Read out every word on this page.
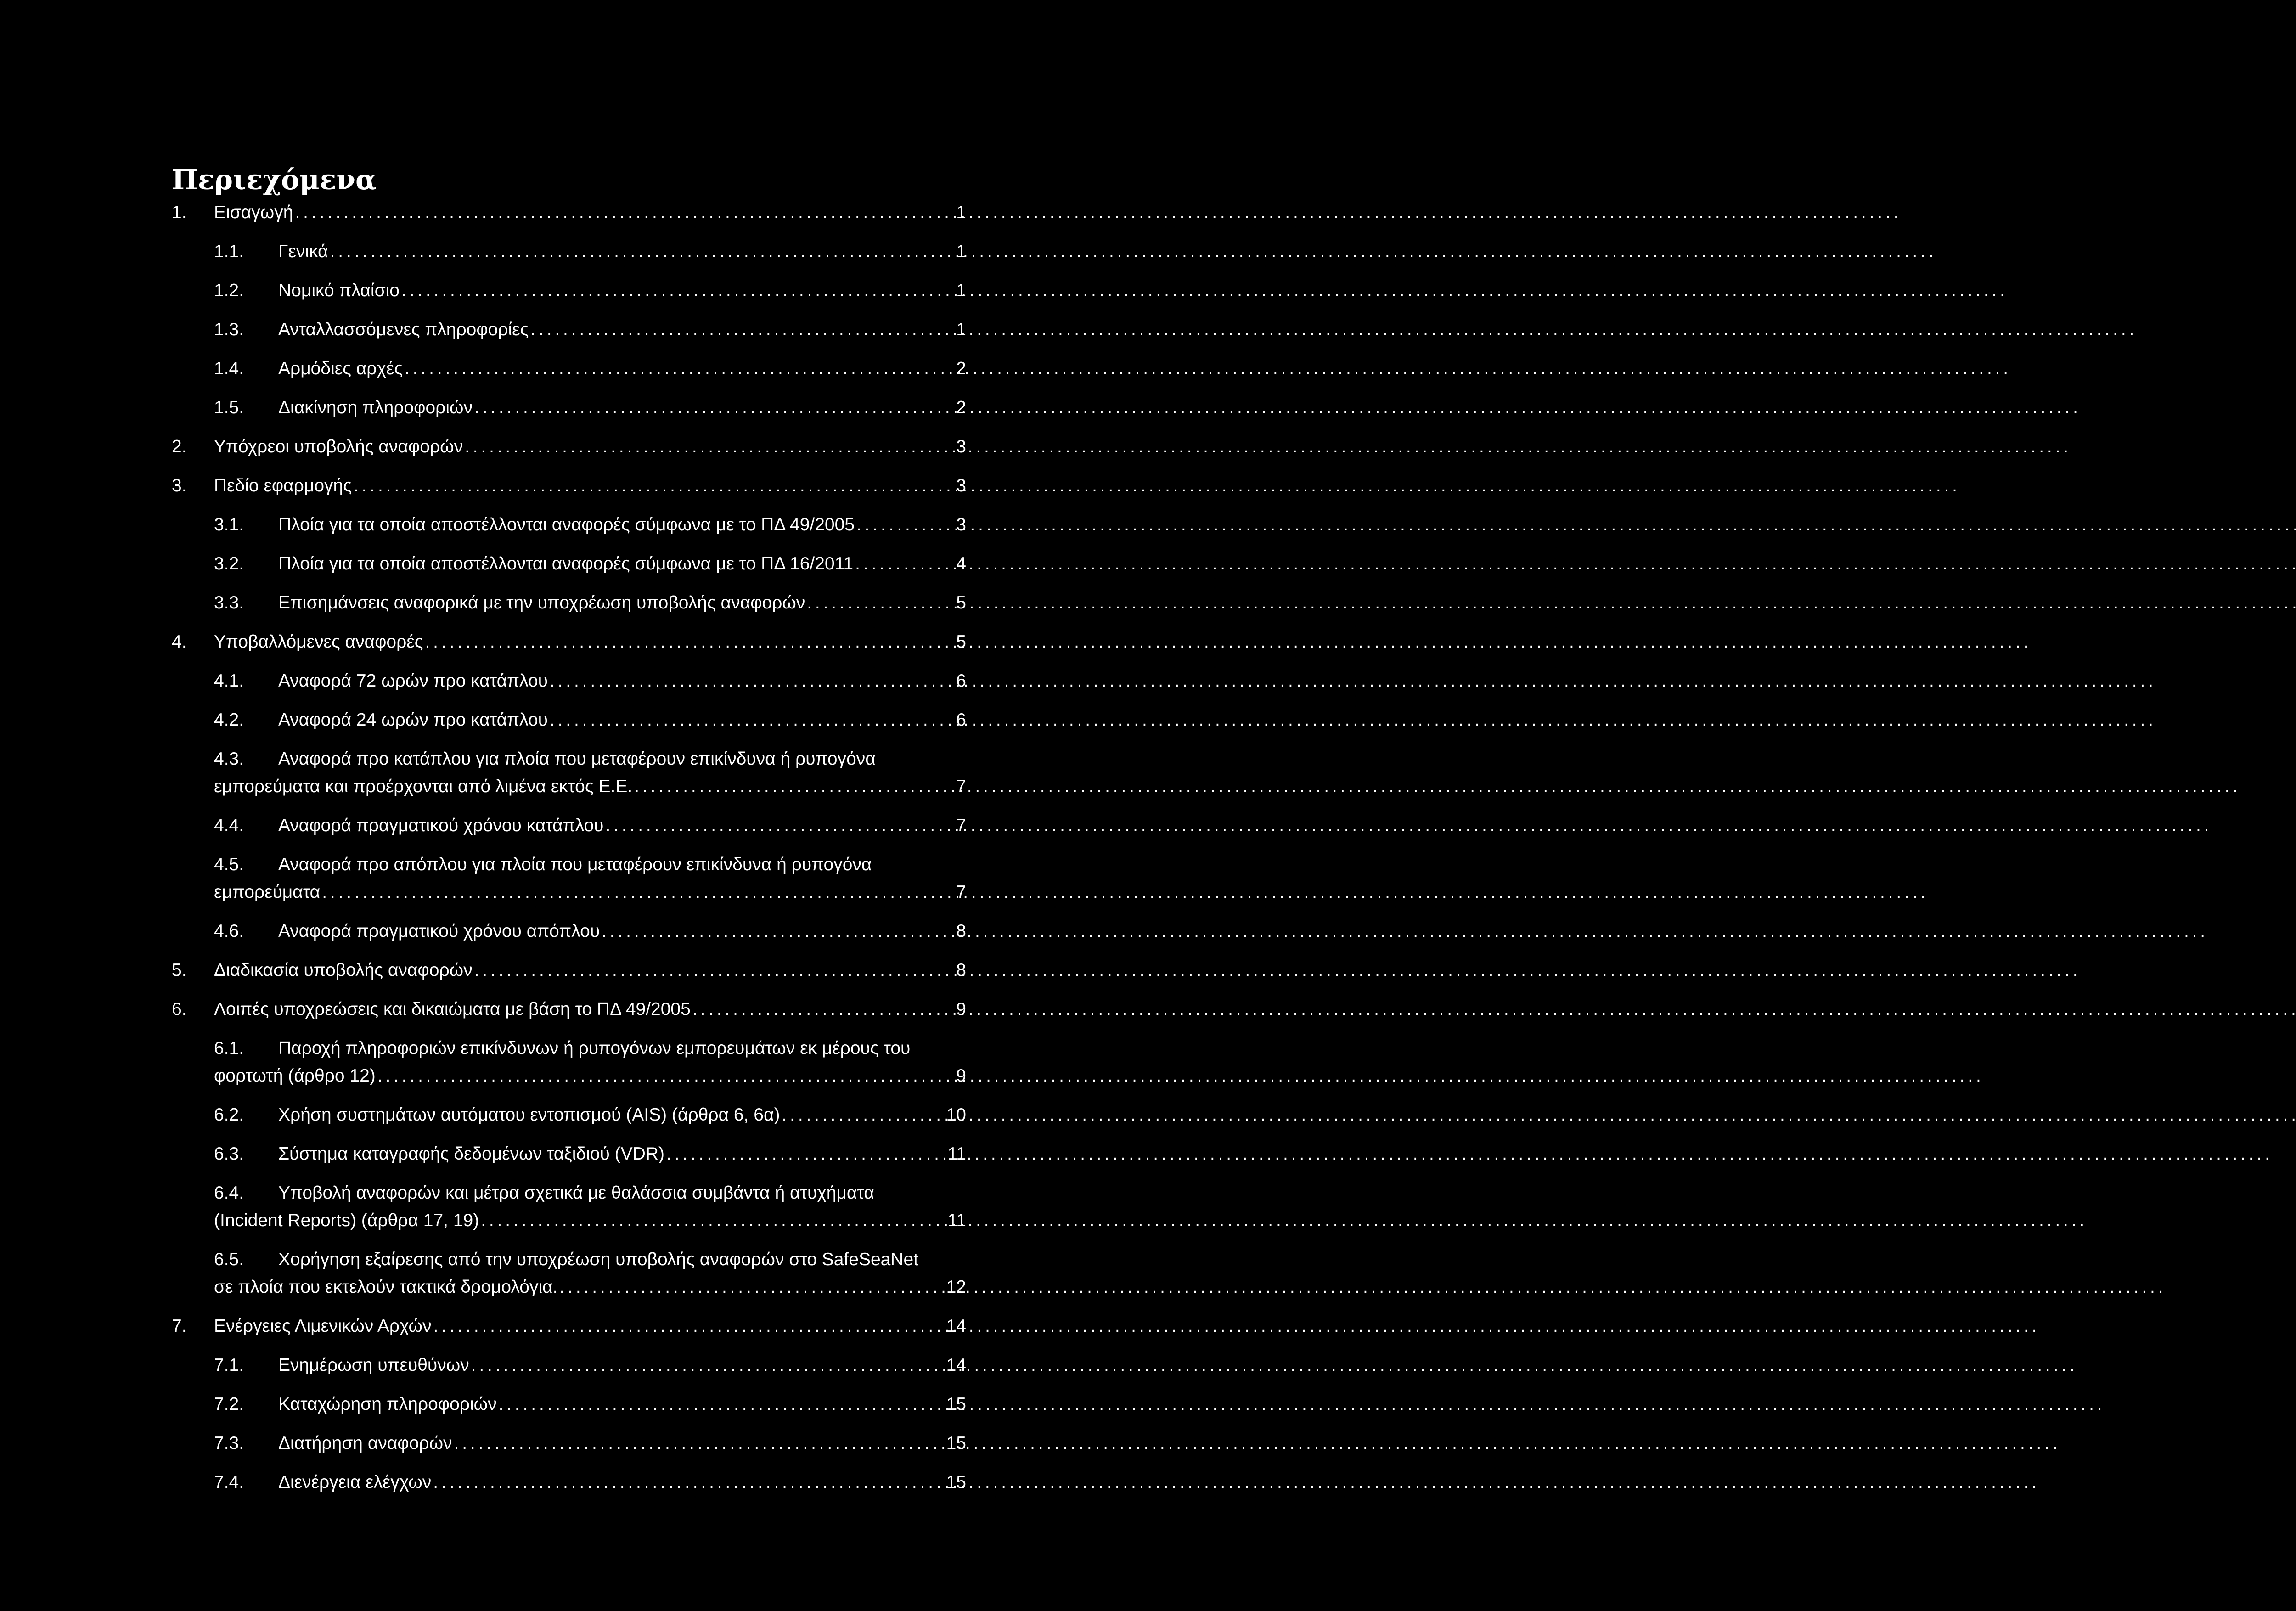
Περιεχόμενα
1.	Εισαγωγή . . .	1
1.1.	Γενικά . . .	1
1.2.	Νομικό πλαίσιο . . .	1
1.3.	Ανταλλασσόμενες πληροφορίες . . .	1
1.4.	Αρμόδιες αρχές . . .	2
1.5.	Διακίνηση πληροφοριών . . .	2
2.	Υπόχρεοι υποβολής αναφορών . . .	3
3.	Πεδίο εφαρμογής . . .	3
3.1.	Πλοία για τα οποία αποστέλλονται αναφορές σύμφωνα με το ΠΔ 49/2005 . . .	3
3.2.	Πλοία για τα οποία αποστέλλονται αναφορές σύμφωνα με το ΠΔ 16/2011 . . .	4
3.3.	Επισημάνσεις αναφορικά με την υποχρέωση υποβολής αναφορών . . .	5
4.	Υποβαλλόμενες αναφορές . . .	5
4.1.	Αναφορά 72 ωρών προ κατάπλου . . .	6
4.2.	Αναφορά 24 ωρών προ κατάπλου . . .	6
4.3.	Αναφορά προ κατάπλου για πλοία που μεταφέρουν επικίνδυνα ή ρυπογόνα
εμπορεύματα και προέρχονται από λιμένα εκτός Ε.Ε. . . .	7
4.4.	Αναφορά πραγματικού χρόνου κατάπλου . . .	7
4.5.	Αναφορά προ απόπλου για πλοία που μεταφέρουν επικίνδυνα ή ρυπογόνα
εμπορεύματα . . .	7
4.6.	Αναφορά πραγματικού χρόνου απόπλου . . .	8
5.	Διαδικασία υποβολής αναφορών . . .	8
6.	Λοιπές υποχρεώσεις και δικαιώματα με βάση το ΠΔ 49/2005 . . .	9
6.1.	Παροχή πληροφοριών επικίνδυνων ή ρυπογόνων εμπορευμάτων εκ μέρους του
φορτωτή (άρθρο 12) . . .	9
6.2.	Χρήση συστημάτων αυτόματου εντοπισμού (AIS) (άρθρα 6, 6α) . . .	10
6.3.	Σύστημα καταγραφής δεδομένων ταξιδιού (VDR) . . .	11
6.4.	Υποβολή αναφορών και μέτρα σχετικά με θαλάσσια συμβάντα ή ατυχήματα
(Incident Reports) (άρθρα 17, 19) . . .	11
6.5.	Χορήγηση εξαίρεσης από την υποχρέωση υποβολής αναφορών στο SafeSeaNet
σε πλοία που εκτελούν τακτικά δρομολόγια. . . .	12
7.	Ενέργειες Λιμενικών Αρχών . . .	14
7.1.	Ενημέρωση υπευθύνων . . .	14
7.2.	Καταχώρηση πληροφοριών . . .	15
7.3.	Διατήρηση αναφορών . . .	15
7.4.	Διενέργεια ελέγχων . . .	15
